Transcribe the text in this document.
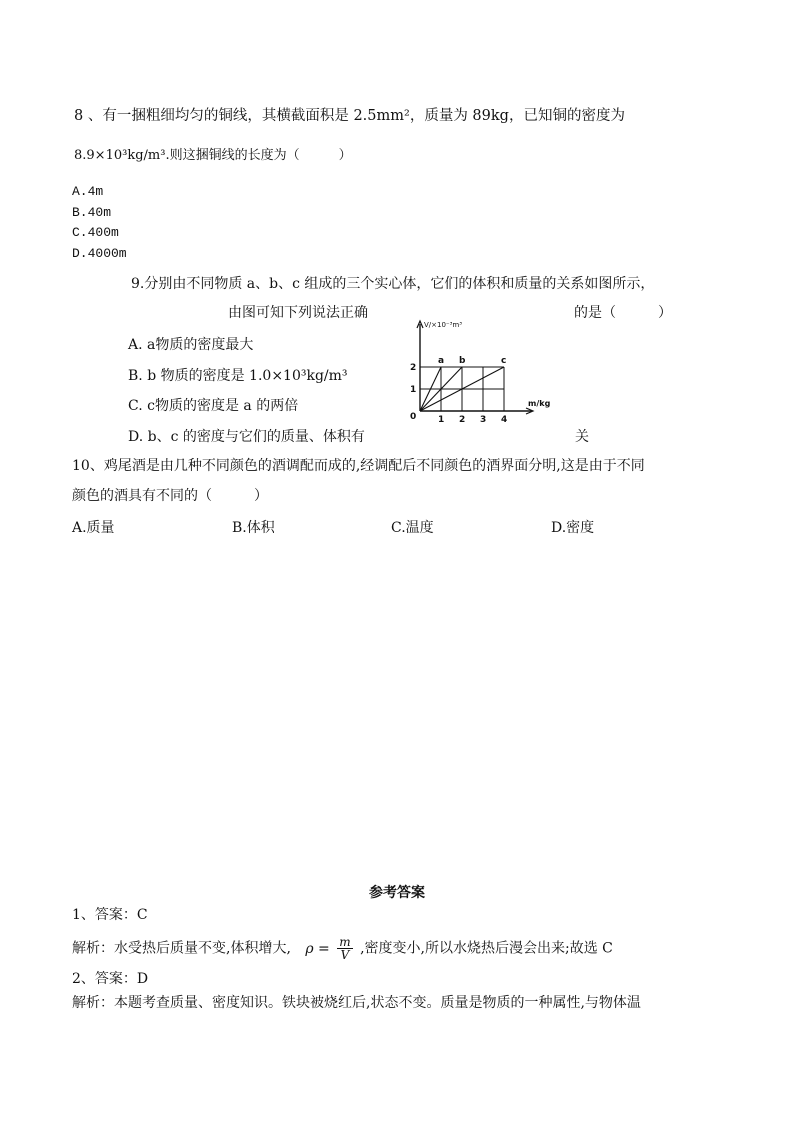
8 、有一捆粗细均匀的铜线，其横截面积是 2.5mm²，质量为 89kg，已知铜的密度为
8.9×10³kg/m³.则这捆铜线的长度为（　　　）
A.4m
B.40m
C.400m
D.4000m
9.分别由不同物质 a、b、c 组成的三个实心体，它们的体积和质量的关系如图所示，
由图可知下列说法正确	的是（　　　）
A. a物质的密度最大
B. b 物质的密度是 1.0×10³kg/m³
C. c物质的密度是 a 的两倍
D. b、c 的密度与它们的质量、体积有	关
V/×10⁻³m³
m/kg
0
1
2
1 2 3 4
a b	c
10、鸡尾酒是由几种不同颜色的酒调配而成的,经调配后不同颜色的酒界面分明,这是由于不同
颜色的酒具有不同的（　　　）
A.质量	B.体积	C.温度	D.密度
参考答案
1、答案：C
解析：水受热后质量不变,体积增大, $\rho = \frac{m}{V}$ ,密度变小,所以水烧热后漫会出来;故选 C
2、答案：D
解析：本题考查质量、密度知识。铁块被烧红后,状态不变。质量是物质的一种属性,与物体温
